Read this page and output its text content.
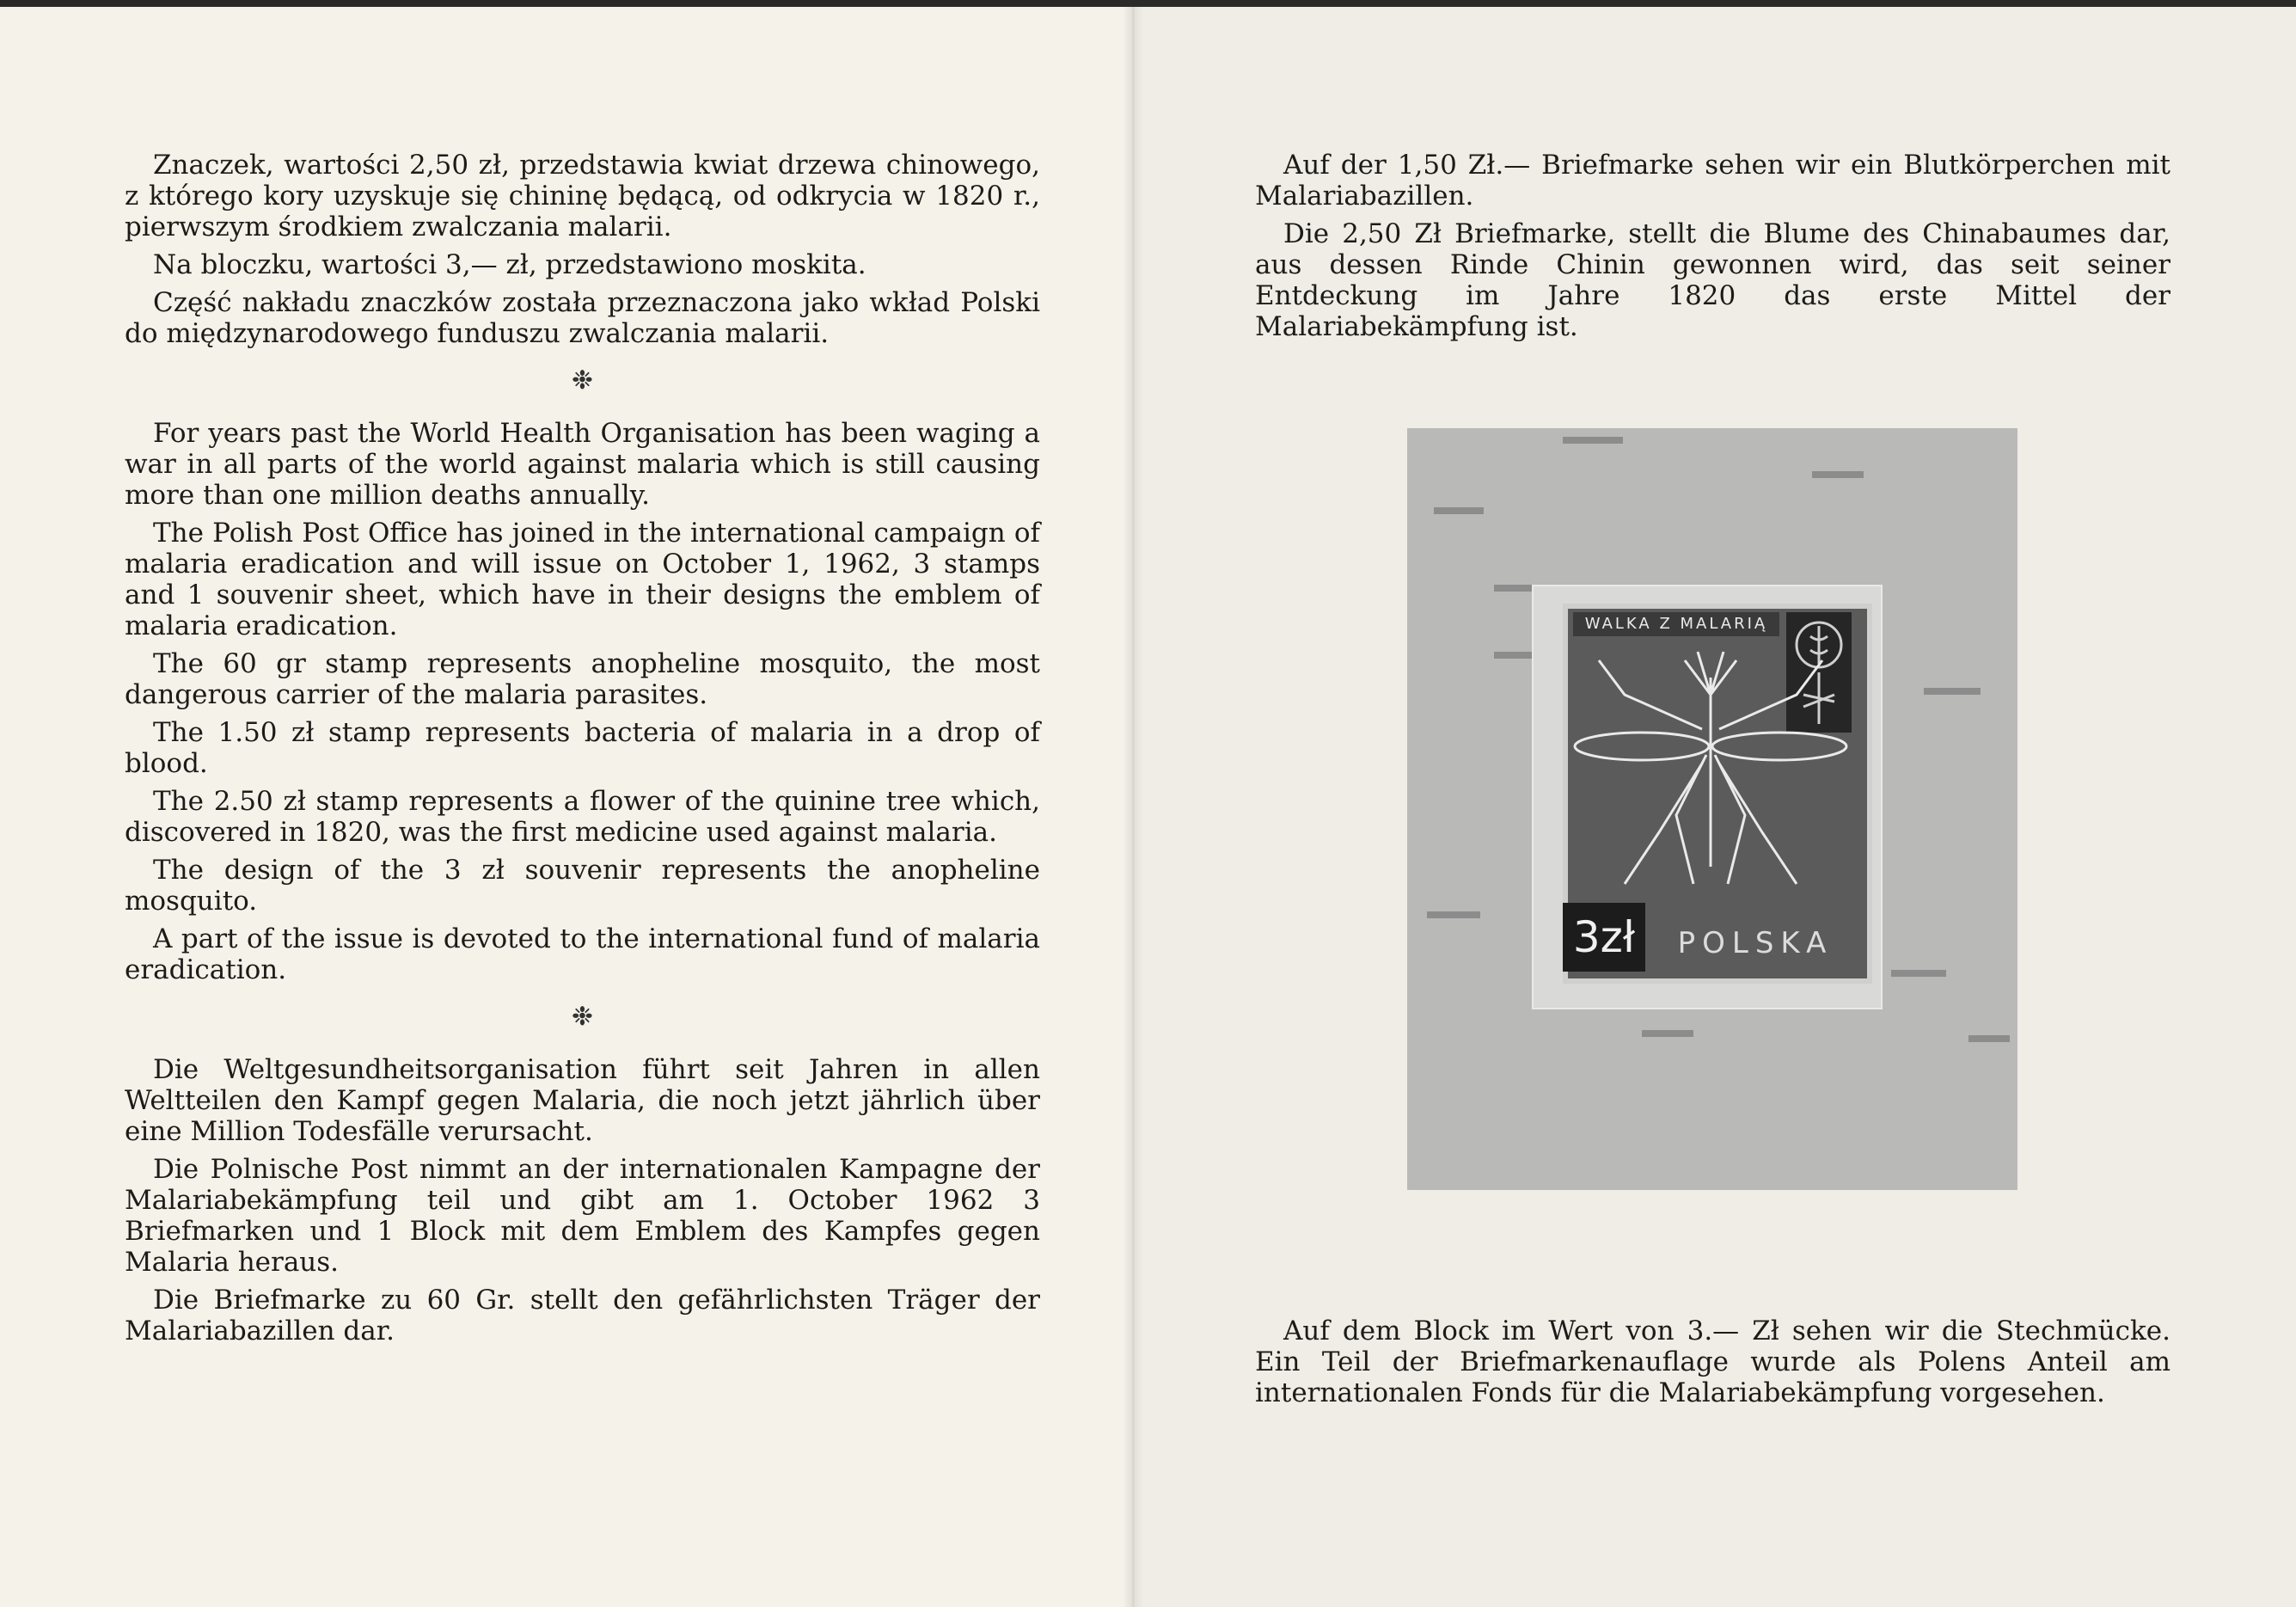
Znaczek, wartości 2,50 zł, przedstawia kwiat drzewa chinowego, z którego kory uzyskuje się chininę będącą, od odkrycia w 1820 r., pierwszym środkiem zwalczania malarii.

Na bloczku, wartości 3,— zł, przedstawiono moskita.

Część nakładu znaczków została przeznaczona jako wkład Polski do międzynarodowego funduszu zwalczania malarii.

❉

For years past the World Health Organisation has been waging a war in all parts of the world against malaria which is still causing more than one million deaths annually.

The Polish Post Office has joined in the international campaign of malaria eradication and will issue on October 1, 1962, 3 stamps and 1 souvenir sheet, which have in their designs the emblem of malaria eradication.

The 60 gr stamp represents anopheline mosquito, the most dangerous carrier of the malaria parasites.

The 1.50 zł stamp represents bacteria of malaria in a drop of blood.

The 2.50 zł stamp represents a flower of the quinine tree which, discovered in 1820, was the first medicine used against malaria.

The design of the 3 zł souvenir represents the anopheline mosquito.

A part of the issue is devoted to the international fund of malaria eradication.

❉

Die Weltgesundheitsorganisation führt seit Jahren in allen Weltteilen den Kampf gegen Malaria, die noch jetzt jährlich über eine Million Todesfälle verursacht.

Die Polnische Post nimmt an der internationalen Kampagne der Malariabekämpfung teil und gibt am 1. October 1962 3 Briefmarken und 1 Block mit dem Emblem des Kampfes gegen Malaria heraus.

Die Briefmarke zu 60 Gr. stellt den gefährlichsten Träger der Malariabazillen dar.

Auf der 1,50 Zł.— Briefmarke sehen wir ein Blutkörperchen mit Malariabazillen.

Die 2,50 Zł Briefmarke, stellt die Blume des Chinabaumes dar, aus dessen Rinde Chinin gewonnen wird, das seit seiner Entdeckung im Jahre 1820 das erste Mittel der Malariabekämpfung ist.

WALKA Z MALARIĄ
3zł	POLSKA

Auf dem Block im Wert von 3.— Zł sehen wir die Stechmücke. Ein Teil der Briefmarkenauflage wurde als Polens Anteil am internationalen Fonds für die Malariabekämpfung vorgesehen.
